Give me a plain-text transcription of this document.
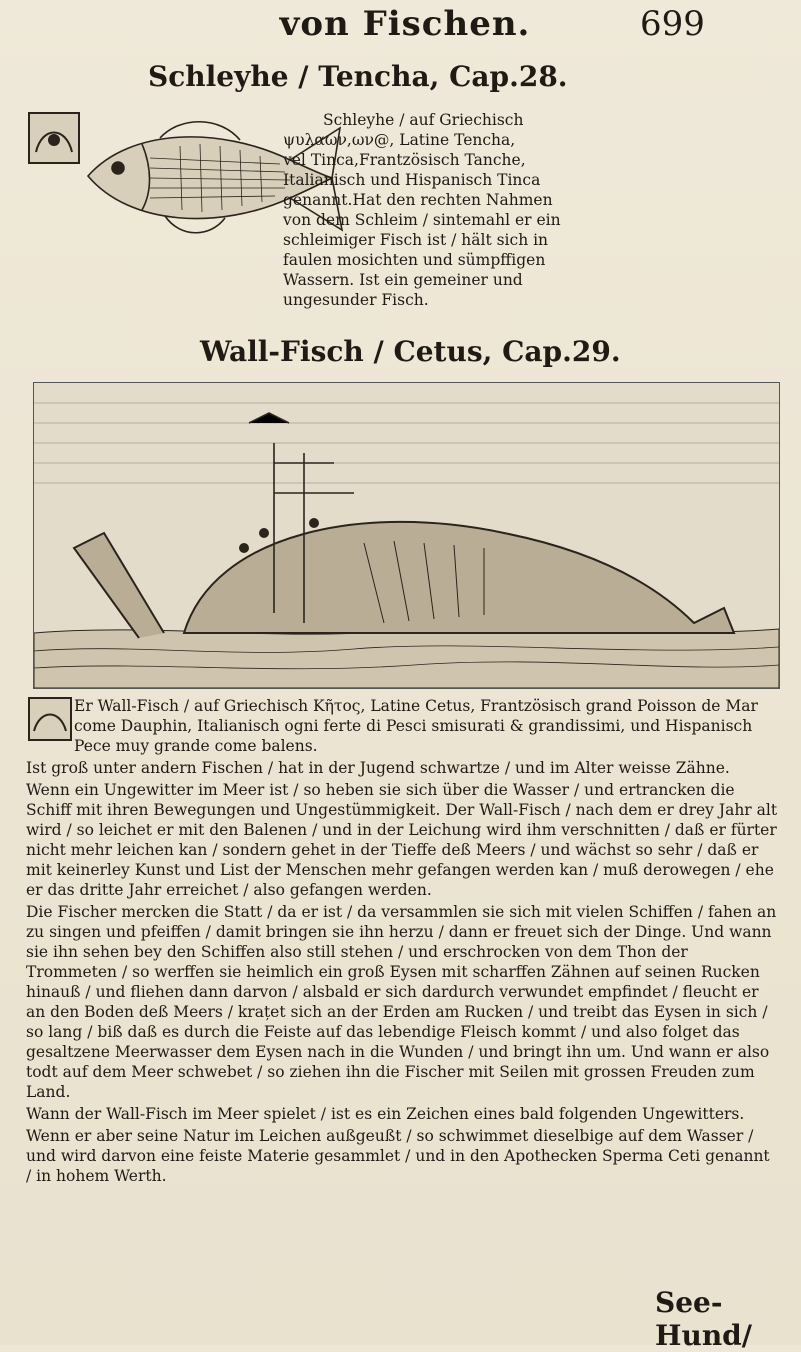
von Fischen.	699
Schleyhe / Tencha, Cap.28.
Schleyhe / auf Griechisch
ψυλαων,ων@, Latine Tencha,
vel Tinca,Frantzösisch Tanche,
Italianisch und Hispanisch Tinca
genannt.Hat den rechten Nahmen
von dem Schleim / sintemahl er ein
schleimiger Fisch ist / hält sich in
faulen mosichten und sümpffigen
Wassern. Ist ein gemeiner und
ungesunder Fisch.
Wall-Fisch / Cetus, Cap.29.

Er Wall-Fisch / auf Griechisch Κῆτος, Latine Cetus, Frantzösisch grand Poisson de Mar come Dauphin, Italianisch ogni ferte di Pesci smisurati & grandissimi, und Hispanisch Pece muy grande come balens.

Ist groß unter andern Fischen / hat in der Jugend schwartze / und im Alter weisse Zähne.

Wenn ein Ungewitter im Meer ist / so heben sie sich über die Wasser / und ertrancken die Schiff mit ihren Bewegungen und Ungestümmigkeit. Der Wall-Fisch / nach dem er drey Jahr alt wird / so leichet er mit den Balenen / und in der Leichung wird ihm verschnitten / daß er fürter nicht mehr leichen kan / sondern gehet in der Tieffe deß Meers / und wächst so sehr / daß er mit keinerley Kunst und List der Menschen mehr gefangen werden kan / muß derowegen / ehe er das dritte Jahr erreichet / also gefangen werden.

Die Fischer mercken die Statt / da er ist / da versammlen sie sich mit vielen Schiffen / fahen an zu singen und pfeiffen / damit bringen sie ihn herzu / dann er freuet sich der Dinge. Und wann sie ihn sehen bey den Schiffen also still stehen / und erschrocken von dem Thon der Trommeten / so werffen sie heimlich ein groß Eysen mit scharffen Zähnen auf seinen Rucken hinauß / und fliehen dann darvon / alsbald er sich dardurch verwundet empfindet / fleucht er an den Boden deß Meers / krațet sich an der Erden am Rucken / und treibt das Eysen in sich / so lang / biß daß es durch die Feiste auf das lebendige Fleisch kommt / und also folget das gesaltzene Meerwasser dem Eysen nach in die Wunden / und bringt ihn um. Und wann er also todt auf dem Meer schwebet / so ziehen ihn die Fischer mit Seilen mit grossen Freuden zum Land.

Wann der Wall-Fisch im Meer spielet / ist es ein Zeichen eines bald folgenden Ungewitters.

Wenn er aber seine Natur im Leichen außgeußt / so schwimmet dieselbige auf dem Wasser / und wird darvon eine feiste Materie gesammlet / und in den Apothecken Sperma Ceti genannt / in hohem Werth.

See-Hund/
